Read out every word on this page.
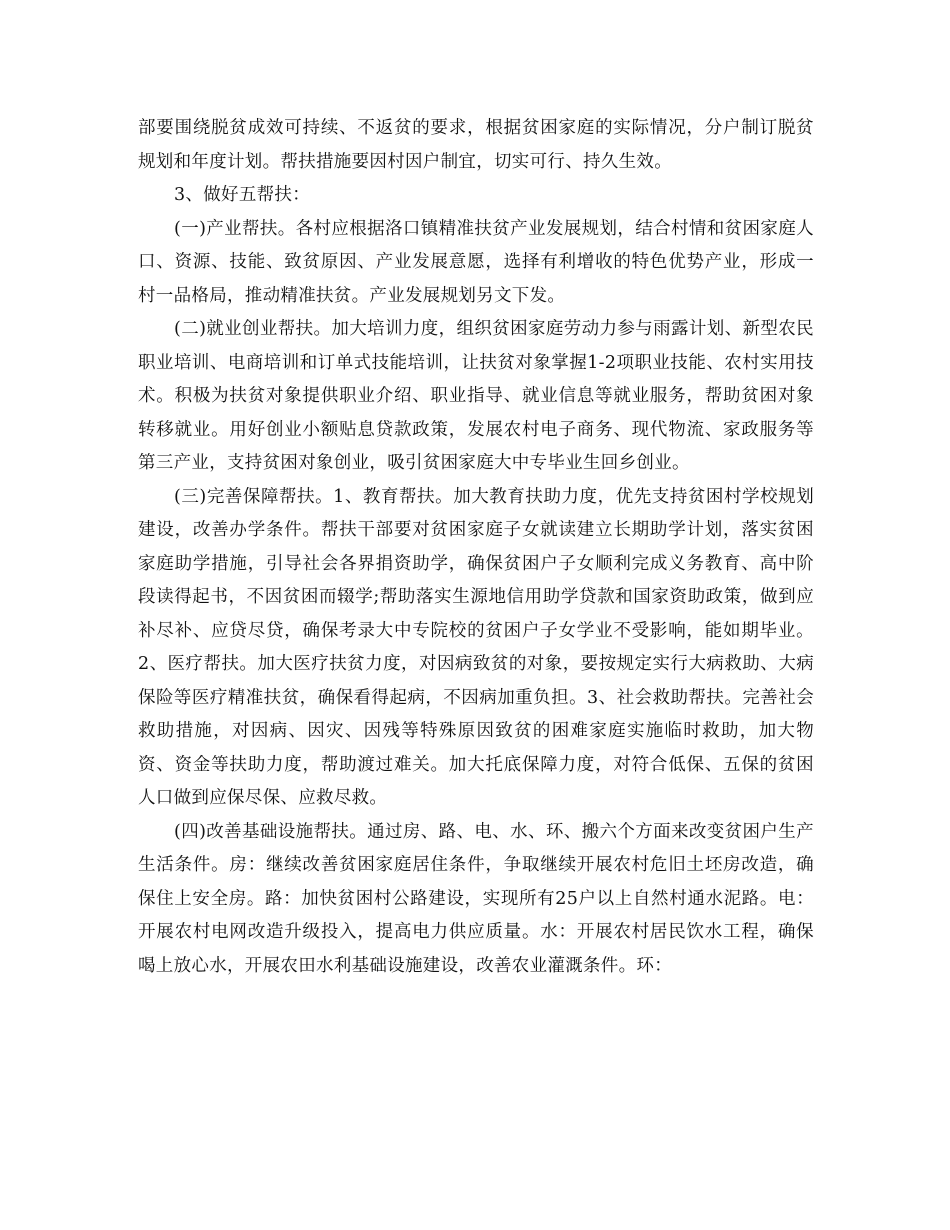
部要围绕脱贫成效可持续、不返贫的要求，根据贫困家庭的实际情况，分户制订脱贫规划和年度计划。帮扶措施要因村因户制宜，切实可行、持久生效。

3、做好五帮扶：

(一)产业帮扶。各村应根据洛口镇精准扶贫产业发展规划，结合村情和贫困家庭人口、资源、技能、致贫原因、产业发展意愿，选择有利增收的特色优势产业，形成一村一品格局，推动精准扶贫。产业发展规划另文下发。

(二)就业创业帮扶。加大培训力度，组织贫困家庭劳动力参与雨露计划、新型农民职业培训、电商培训和订单式技能培训，让扶贫对象掌握1-2项职业技能、农村实用技术。积极为扶贫对象提供职业介绍、职业指导、就业信息等就业服务，帮助贫困对象转移就业。用好创业小额贴息贷款政策，发展农村电子商务、现代物流、家政服务等第三产业，支持贫困对象创业，吸引贫困家庭大中专毕业生回乡创业。

(三)完善保障帮扶。1、教育帮扶。加大教育扶助力度，优先支持贫困村学校规划建设，改善办学条件。帮扶干部要对贫困家庭子女就读建立长期助学计划，落实贫困家庭助学措施，引导社会各界捐资助学，确保贫困户子女顺利完成义务教育、高中阶段读得起书，不因贫困而辍学;帮助落实生源地信用助学贷款和国家资助政策，做到应补尽补、应贷尽贷，确保考录大中专院校的贫困户子女学业不受影响，能如期毕业。2、医疗帮扶。加大医疗扶贫力度，对因病致贫的对象，要按规定实行大病救助、大病保险等医疗精准扶贫，确保看得起病，不因病加重负担。3、社会救助帮扶。完善社会救助措施，对因病、因灾、因残等特殊原因致贫的困难家庭实施临时救助，加大物资、资金等扶助力度，帮助渡过难关。加大托底保障力度，对符合低保、五保的贫困人口做到应保尽保、应救尽救。

(四)改善基础设施帮扶。通过房、路、电、水、环、搬六个方面来改变贫困户生产生活条件。房：继续改善贫困家庭居住条件，争取继续开展农村危旧土坯房改造，确保住上安全房。路：加快贫困村公路建设，实现所有25户以上自然村通水泥路。电：开展农村电网改造升级投入，提高电力供应质量。水：开展农村居民饮水工程，确保喝上放心水，开展农田水利基础设施建设，改善农业灌溉条件。环：
